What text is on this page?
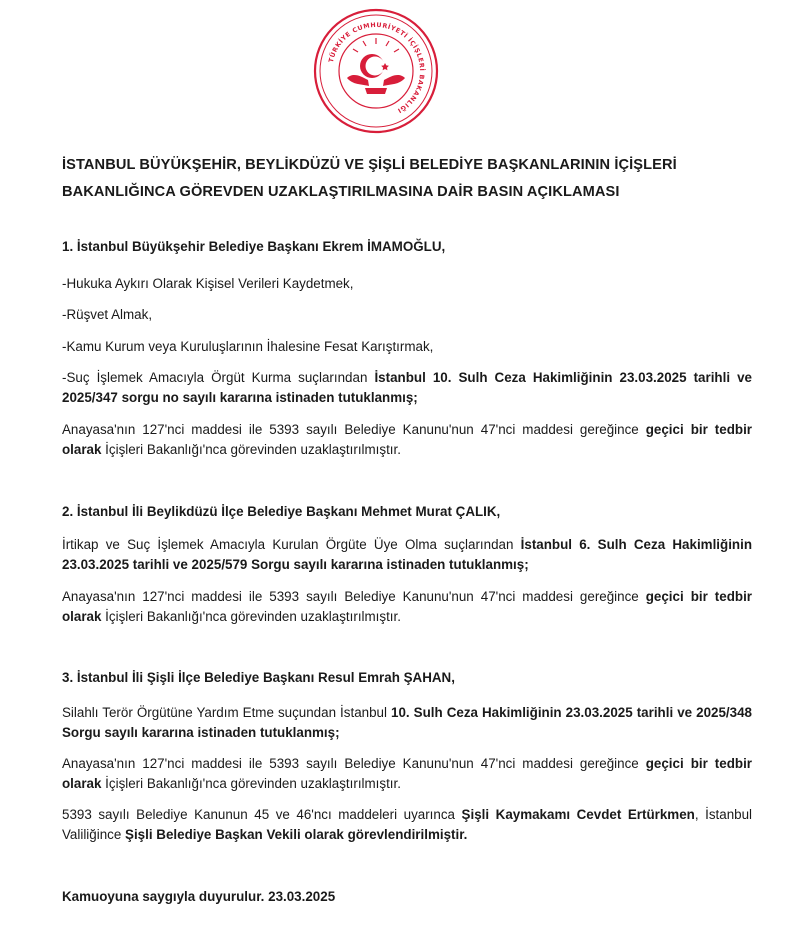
TÜRKİYE CUMHURİYETİ İÇİŞLERİ BAKANLIĞI
İSTANBUL BÜYÜKŞEHİR, BEYLİKDÜZÜ VE ŞİŞLİ BELEDİYE BAŞKANLARININ İÇİŞLERİ
BAKANLIĞINCA GÖREVDEN UZAKLAŞTIRILMASINA DAİR BASIN AÇIKLAMASI
1. İstanbul Büyükşehir Belediye Başkanı Ekrem İMAMOĞLU,
-Hukuka Aykırı Olarak Kişisel Verileri Kaydetmek,
-Rüşvet Almak,
-Kamu Kurum veya Kuruluşlarının İhalesine Fesat Karıştırmak,
-Suç İşlemek Amacıyla Örgüt Kurma suçlarından İstanbul 10. Sulh Ceza Hakimliğinin 23.03.2025 tarihli ve 2025/347 sorgu no sayılı kararına istinaden tutuklanmış;
Anayasa'nın 127'nci maddesi ile 5393 sayılı Belediye Kanunu'nun 47'nci maddesi gereğince geçici bir tedbir olarak İçişleri Bakanlığı'nca görevinden uzaklaştırılmıştır.
2. İstanbul İli Beylikdüzü İlçe Belediye Başkanı Mehmet Murat ÇALIK,
İrtikap ve Suç İşlemek Amacıyla Kurulan Örgüte Üye Olma suçlarından İstanbul 6. Sulh Ceza Hakimliğinin 23.03.2025 tarihli ve 2025/579 Sorgu sayılı kararına istinaden tutuklanmış;
Anayasa'nın 127'nci maddesi ile 5393 sayılı Belediye Kanunu'nun 47'nci maddesi gereğince geçici bir tedbir olarak İçişleri Bakanlığı'nca görevinden uzaklaştırılmıştır.
3. İstanbul İli Şişli İlçe Belediye Başkanı Resul Emrah ŞAHAN,
Silahlı Terör Örgütüne Yardım Etme suçundan İstanbul 10. Sulh Ceza Hakimliğinin 23.03.2025 tarihli ve 2025/348 Sorgu sayılı kararına istinaden tutuklanmış;
Anayasa'nın 127'nci maddesi ile 5393 sayılı Belediye Kanunu'nun 47'nci maddesi gereğince geçici bir tedbir olarak İçişleri Bakanlığı'nca görevinden uzaklaştırılmıştır.
5393 sayılı Belediye Kanunun 45 ve 46'ncı maddeleri uyarınca Şişli Kaymakamı Cevdet Ertürkmen, İstanbul Valiliğince Şişli Belediye Başkan Vekili olarak görevlendirilmiştir.
Kamuoyuna saygıyla duyurulur. 23.03.2025
